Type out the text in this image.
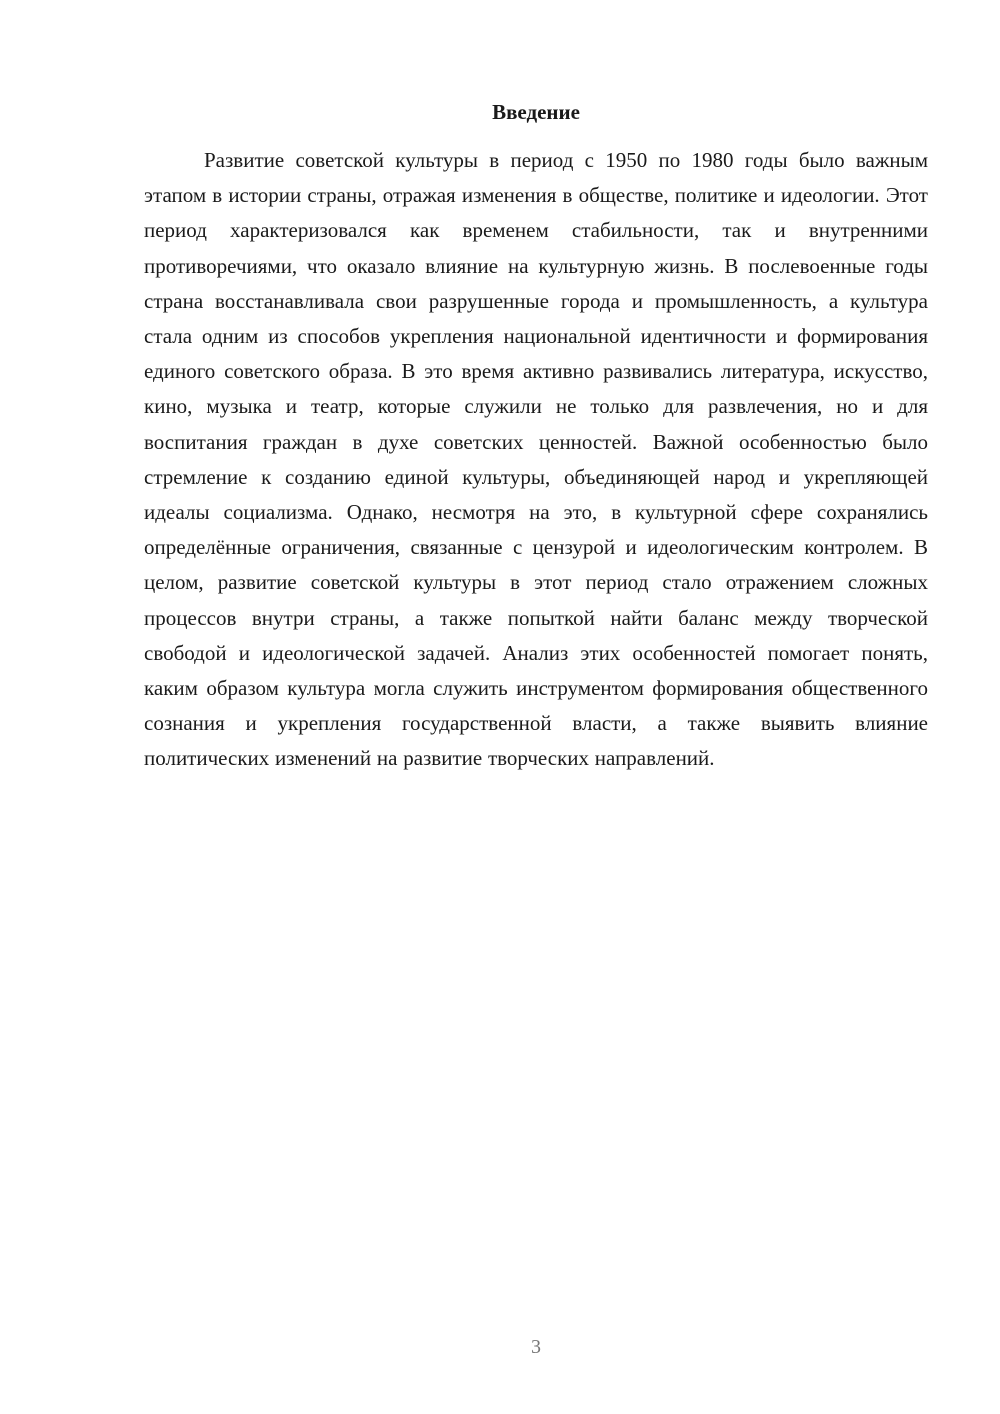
Введение

Развитие советской культуры в период с 1950 по 1980 годы было важным этапом в истории страны, отражая изменения в обществе, политике и идеологии. Этот период характеризовался как временем стабильности, так и внутренними противоречиями, что оказало влияние на культурную жизнь. В послевоенные годы страна восстанавливала свои разрушенные города и промышленность, а культура стала одним из способов укрепления национальной идентичности и формирования единого советского образа. В это время активно развивались литература, искусство, кино, музыка и театр, которые служили не только для развлечения, но и для воспитания граждан в духе советских ценностей. Важной особенностью было стремление к созданию единой культуры, объединяющей народ и укрепляющей идеалы социализма. Однако, несмотря на это, в культурной сфере сохранялись определённые ограничения, связанные с цензурой и идеологическим контролем. В целом, развитие советской культуры в этот период стало отражением сложных процессов внутри страны, а также попыткой найти баланс между творческой свободой и идеологической задачей. Анализ этих особенностей помогает понять, каким образом культура могла служить инструментом формирования общественного сознания и укрепления государственной власти, а также выявить влияние политических изменений на развитие творческих направлений.

3
